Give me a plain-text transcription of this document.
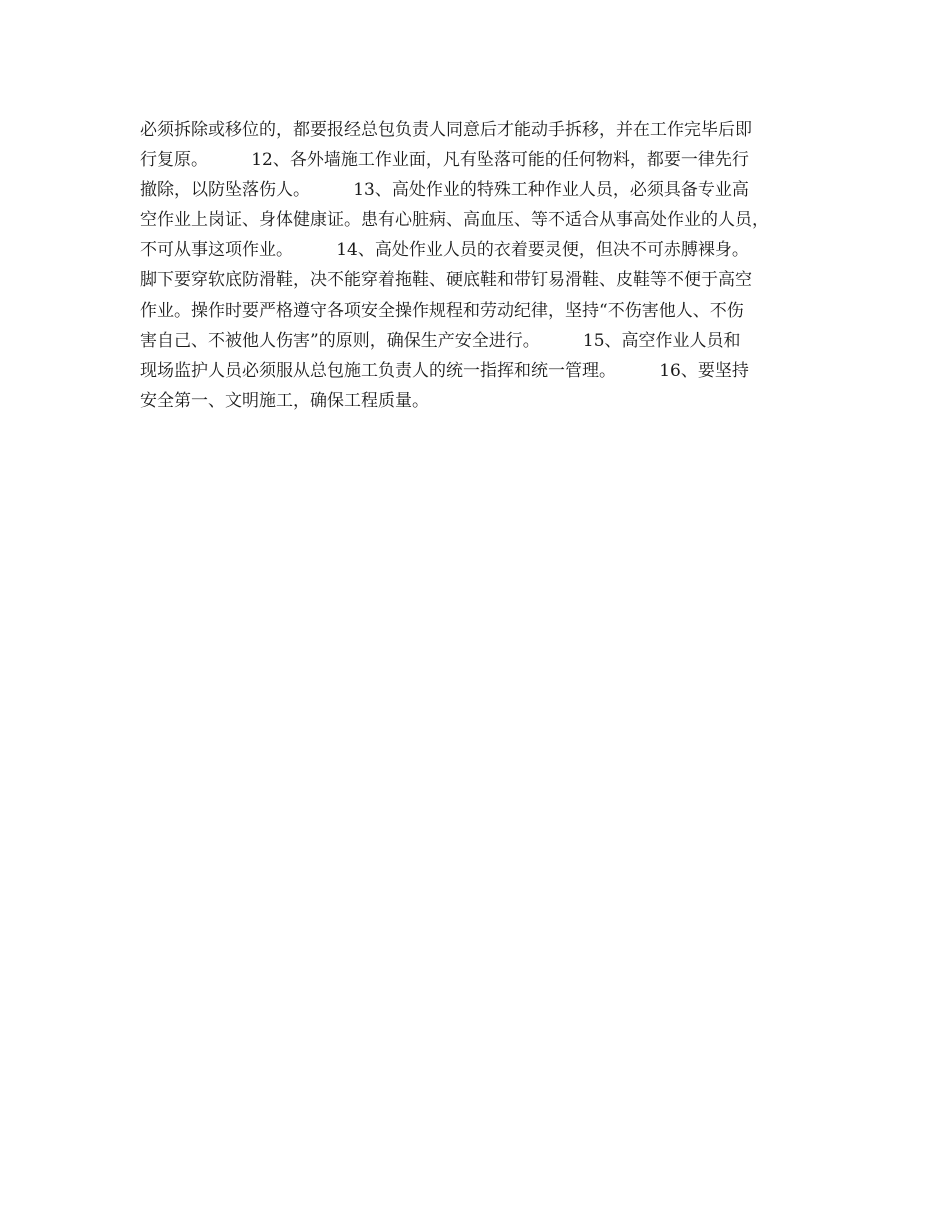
必须拆除或移位的，都要报经总包负责人同意后才能动手拆移，并在工作完毕后即
行复原。        12、各外墙施工作业面，凡有坠落可能的任何物料，都要一律先行
撤除，以防坠落伤人。        13、高处作业的特殊工种作业人员，必须具备专业高
空作业上岗证、身体健康证。患有心脏病、高血压、等不适合从事高处作业的人员，
不可从事这项作业。        14、高处作业人员的衣着要灵便，但决不可赤膊裸身。
脚下要穿软底防滑鞋，决不能穿着拖鞋、硬底鞋和带钉易滑鞋、皮鞋等不便于高空
作业。操作时要严格遵守各项安全操作规程和劳动纪律，坚持“不伤害他人、不伤
害自己、不被他人伤害”的原则，确保生产安全进行。        15、高空作业人员和
现场监护人员必须服从总包施工负责人的统一指挥和统一管理。        16、要坚持
安全第一、文明施工，确保工程质量。
